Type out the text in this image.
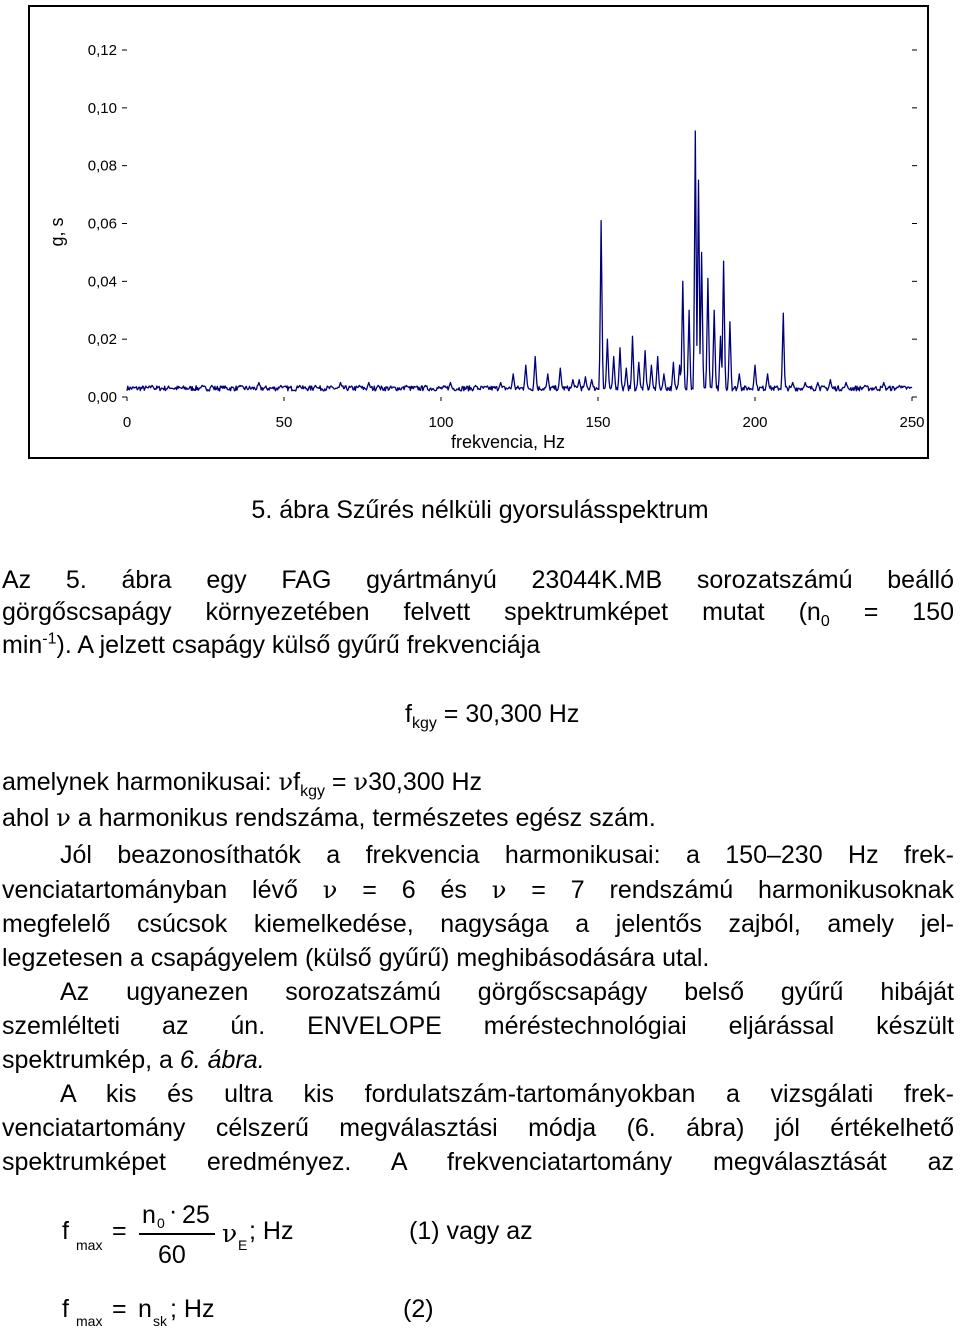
0,00
0,02
0,04
0,06
0,08
0,10
0,12
0	50	100	150	200	250
frekvencia, Hz
g, s
5. ábra Szűrés nélküli gyorsulásspektrum
Az 5. ábra egy FAG gyártmányú 23044K.MB sorozatszámú beálló
görgőscsapágy környezetében felvett spektrumképet mutat ($n_0 = 150$
$\min^{-1}$). A jelzett csapágy külső gyűrű frekvenciája
$f_{kgy} = 30,300$ Hz
amelynek harmonikusai: $\nu f_{kgy} = \nu 30,300$ Hz
ahol ν a harmonikus rendszáma, természetes egész szám.
Jól beazonosíthatók a frekvencia harmonikusai: a 150–230 Hz frek-
venciatartományban lévő ν = 6 és ν = 7 rendszámú harmonikusoknak
megfelelő csúcsok kiemelkedése, nagysága a jelentős zajból, amely jel-
legzetesen a csapágyelem (külső gyűrű) meghibásodására utal.
Az ugyanezen sorozatszámú görgőscsapágy belső gyűrű hibáját
szemlélteti az ún. ENVELOPE méréstechnológiai eljárással készült
spektrumkép, a 6. ábra.
A kis és ultra kis fordulatszám-tartományokban a vizsgálati frek-
venciatartomány célszerű megválasztási módja (6. ábra) jól értékelhető
spektrumképet eredményez. A frekvenciatartomány megválasztását az
f max =
n 0 · 25
60
ν E ; Hz	(1) vagy az
f max = n sk ; Hz	(2)
